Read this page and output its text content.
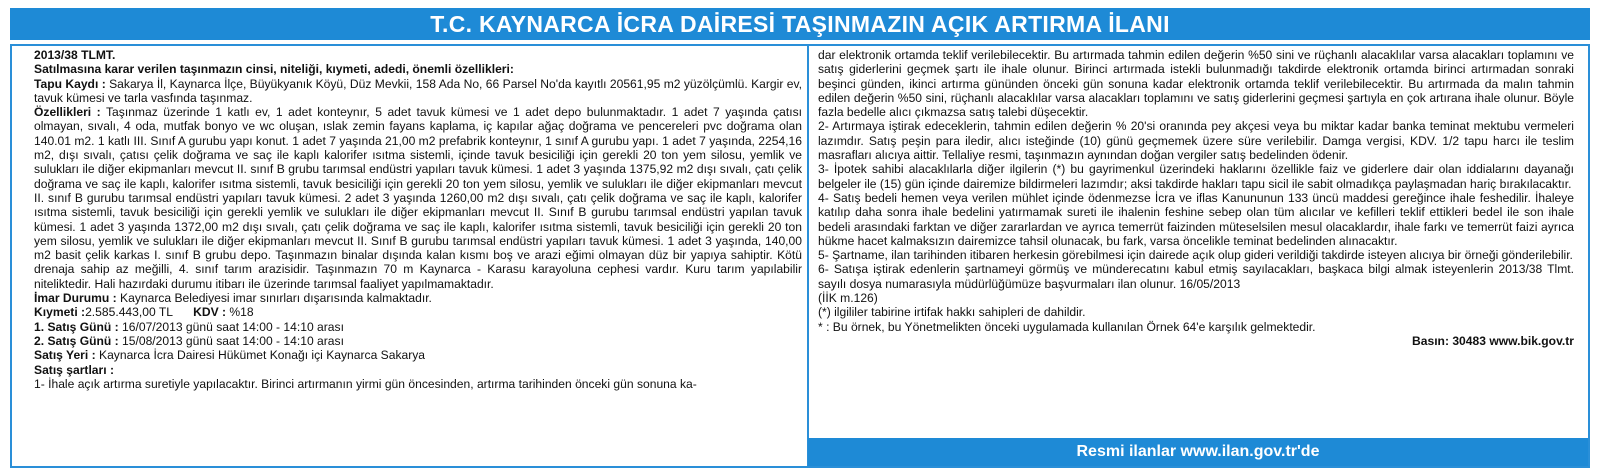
T.C. KAYNARCA İCRA DAİRESİ TAŞINMAZIN AÇIK ARTIRMA İLANI

2013/38 TLMT.

Satılmasına karar verilen taşınmazın cinsi, niteliği, kıymeti, adedi, önemli özellikleri:

Tapu Kaydı : Sakarya İl, Kaynarca İlçe, Büyükyanık Köyü, Düz Mevkii, 158 Ada No, 66 Parsel No'da kayıtlı 20561,95 m2 yüzölçümlü. Kargir ev, tavuk kümesi ve tarla vasfında taşınmaz.

Özellikleri : Taşınmaz üzerinde 1 katlı ev, 1 adet konteynır, 5 adet tavuk kümesi ve 1 adet depo bulunmaktadır. 1 adet 7 yaşında çatısı olmayan, sıvalı, 4 oda, mutfak bonyo ve wc oluşan, ıslak zemin fayans kaplama, iç kapılar ağaç doğrama ve pencereleri pvc doğrama olan 140.01 m2. 1 katlı III. Sınıf A gurubu yapı konut. 1 adet 7 yaşında 21,00 m2 prefabrik konteynır, 1 sınıf A gurubu yapı. 1 adet 7 yaşında, 2254,16 m2, dışı sıvalı, çatısı çelik doğrama ve saç ile kaplı kalorifer ısıtma sistemli, içinde tavuk besiciliği için gerekli 20 ton yem silosu, yemlik ve sulukları ile diğer ekipmanları mevcut II. sınıf B grubu tarımsal endüstri yapıları tavuk kümesi. 1 adet 3 yaşında 1375,92 m2 dışı sıvalı, çatı çelik doğrama ve saç ile kaplı, kalorifer ısıtma sistemli, tavuk besiciliği için gerekli 20 ton yem silosu, yemlik ve sulukları ile diğer ekipmanları mevcut II. sınıf B gurubu tarımsal endüstri yapıları tavuk kümesi. 2 adet 3 yaşında 1260,00 m2 dışı sıvalı, çatı çelik doğrama ve saç ile kaplı, kalorifer ısıtma sistemli, tavuk besiciliği için gerekli yemlik ve sulukları ile diğer ekipmanları mevcut II. Sınıf B gurubu tarımsal endüstri yapılan tavuk kümesi. 1 adet 3 yaşında 1372,00 m2 dışı sıvalı, çatı çelik doğrama ve saç ile kaplı, kalorifer ısıtma sistemli, tavuk besiciliği için gerekli 20 ton yem silosu, yemlik ve sulukları ile diğer ekipmanları mevcut II. Sınıf B gurubu tarımsal endüstri yapıları tavuk kümesi. 1 adet 3 yaşında, 140,00 m2 basit çelik karkas I. sınıf B grubu depo. Taşınmazın binalar dışında kalan kısmı boş ve arazi eğimi olmayan düz bir yapıya sahiptir. Kötü drenaja sahip az meğilli, 4. sınıf tarım arazisidir. Taşınmazın 70 m Kaynarca - Karasu karayoluna cephesi vardır. Kuru tarım yapılabilir niteliktedir. Hali hazırdaki durumu itibarı ile üzerinde tarımsal faaliyet yapılmamaktadır.

İmar Durumu : Kaynarca Belediyesi imar sınırları dışarısında kalmaktadır.

Kıymeti :2.585.443,00 TL KDV : %18

1. Satış Günü : 16/07/2013 günü saat 14:00 - 14:10 arası

2. Satış Günü : 15/08/2013 günü saat 14:00 - 14:10 arası

Satış Yeri : Kaynarca İcra Dairesi Hükümet Konağı içi Kaynarca Sakarya

Satış şartları :

1- İhale açık artırma suretiyle yapılacaktır. Birinci artırmanın yirmi gün öncesinden, artırma tarihinden önceki gün sonuna ka-

dar elektronik ortamda teklif verilebilecektir. Bu artırmada tahmin edilen değerin %50 sini ve rüçhanlı alacaklılar varsa alacakları toplamını ve satış giderlerini geçmek şartı ile ihale olunur. Birinci artırmada istekli bulunmadığı takdirde elektronik ortamda birinci artırmadan sonraki beşinci günden, ikinci artırma gününden önceki gün sonuna kadar elektronik ortamda teklif verilebilecektir. Bu artırmada da malın tahmin edilen değerin %50 sini, rüçhanlı alacaklılar varsa alacakları toplamını ve satış giderlerini geçmesi şartıyla en çok artırana ihale olunur. Böyle fazla bedelle alıcı çıkmazsa satış talebi düşecektir.

2- Artırmaya iştirak edeceklerin, tahmin edilen değerin % 20'si oranında pey akçesi veya bu miktar kadar banka teminat mektubu vermeleri lazımdır. Satış peşin para iledir, alıcı isteğinde (10) günü geçmemek üzere süre verilebilir. Damga vergisi, KDV. 1/2 tapu harcı ile teslim masrafları alıcıya aittir. Tellaliye resmi, taşınmazın aynından doğan vergiler satış bedelinden ödenir.

3- İpotek sahibi alacaklılarla diğer ilgilerin (*) bu gayrimenkul üzerindeki haklarını özellikle faiz ve giderlere dair olan iddialarını dayanağı belgeler ile (15) gün içinde dairemize bildirmeleri lazımdır; aksi takdirde hakları tapu sicil ile sabit olmadıkça paylaşmadan hariç bırakılacaktır.

4- Satış bedeli hemen veya verilen mühlet içinde ödenmezse İcra ve iflas Kanununun 133 üncü maddesi gereğince ihale feshedilir. İhaleye katılıp daha sonra ihale bedelini yatırmamak sureti ile ihalenin feshine sebep olan tüm alıcılar ve kefilleri teklif ettikleri bedel ile son ihale bedeli arasındaki farktan ve diğer zararlardan ve ayrıca temerrüt faizinden müteselsilen mesul olacaklardır, ihale farkı ve temerrüt faizi ayrıca hükme hacet kalmaksızın dairemizce tahsil olunacak, bu fark, varsa öncelikle teminat bedelinden alınacaktır.

5- Şartname, ilan tarihinden itibaren herkesin görebilmesi için dairede açık olup gideri verildiği takdirde isteyen alıcıya bir örneği gönderilebilir.

6- Satışa iştirak edenlerin şartnameyi görmüş ve münderecatını kabul etmiş sayılacakları, başkaca bilgi almak isteyenlerin 2013/38 Tlmt. sayılı dosya numarasıyla müdürlüğümüze başvurmaları ilan olunur. 16/05/2013

(İİK m.126)

(*) ilgililer tabirine irtifak hakkı sahipleri de dahildir.

* : Bu örnek, bu Yönetmelikten önceki uygulamada kullanılan Örnek 64'e karşılık gelmektedir.

Basın: 30483 www.bik.gov.tr

Resmi ilanlar www.ilan.gov.tr'de
